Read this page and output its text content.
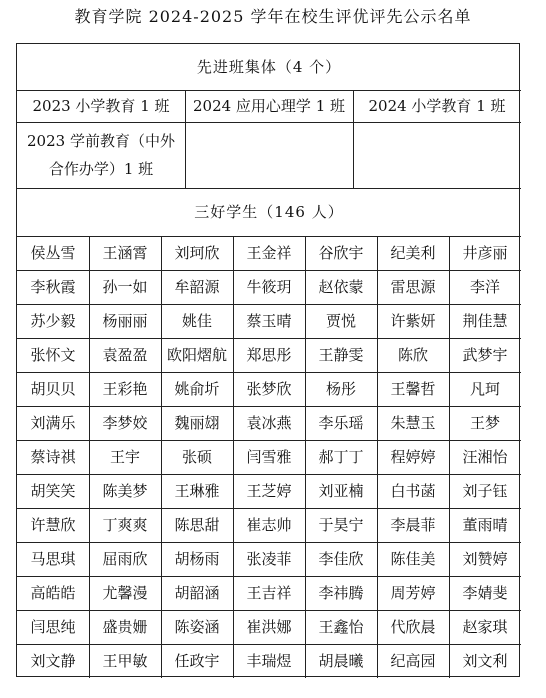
教育学院 2024-2025 学年在校生评优评先公示名单
先进班集体（4 个）
2023 小学教育 1 班	2024 应用心理学 1 班	2024 小学教育 1 班
2023 学前教育（中外
合作办学）1 班
三好学生（146 人）
侯丛雪	王涵霄	刘珂欣	王金祥	谷欣宇	纪美利	井彦丽
李秋霞	孙一如	牟韶源	牛筱玥	赵依蒙	雷思源	李洋
苏少毅	杨丽丽	姚佳	蔡玉晴	贾悦	许紫妍	荆佳慧
张怀文	袁盈盈	欧阳熠航	郑思彤	王静雯	陈欣	武梦宇
胡贝贝	王彩艳	姚俞圻	张梦欣	杨彤	王馨哲	凡珂
刘满乐	李梦姣	魏丽翃	袁冰燕	李乐瑶	朱慧玉	王梦
蔡诗祺	王宇	张硕	闫雪雅	郝丁丁	程婷婷	汪湘怡
胡笑笑	陈美梦	王琳雅	王芝婷	刘亚楠	白书菡	刘子钰
许慧欣	丁爽爽	陈思甜	崔志帅	于昊宁	李晨菲	董雨晴
马思琪	屈雨欣	胡杨雨	张凌菲	李佳欣	陈佳美	刘赞婷
高皓皓	尤馨漫	胡韶涵	王吉祥	李祎腾	周芳婷	李婧斐
闫思纯	盛贵姗	陈姿涵	崔洪娜	王鑫怡	代欣晨	赵家琪
刘文静	王甲敏	任政宇	丰瑞煜	胡晨曦	纪高园	刘文利
